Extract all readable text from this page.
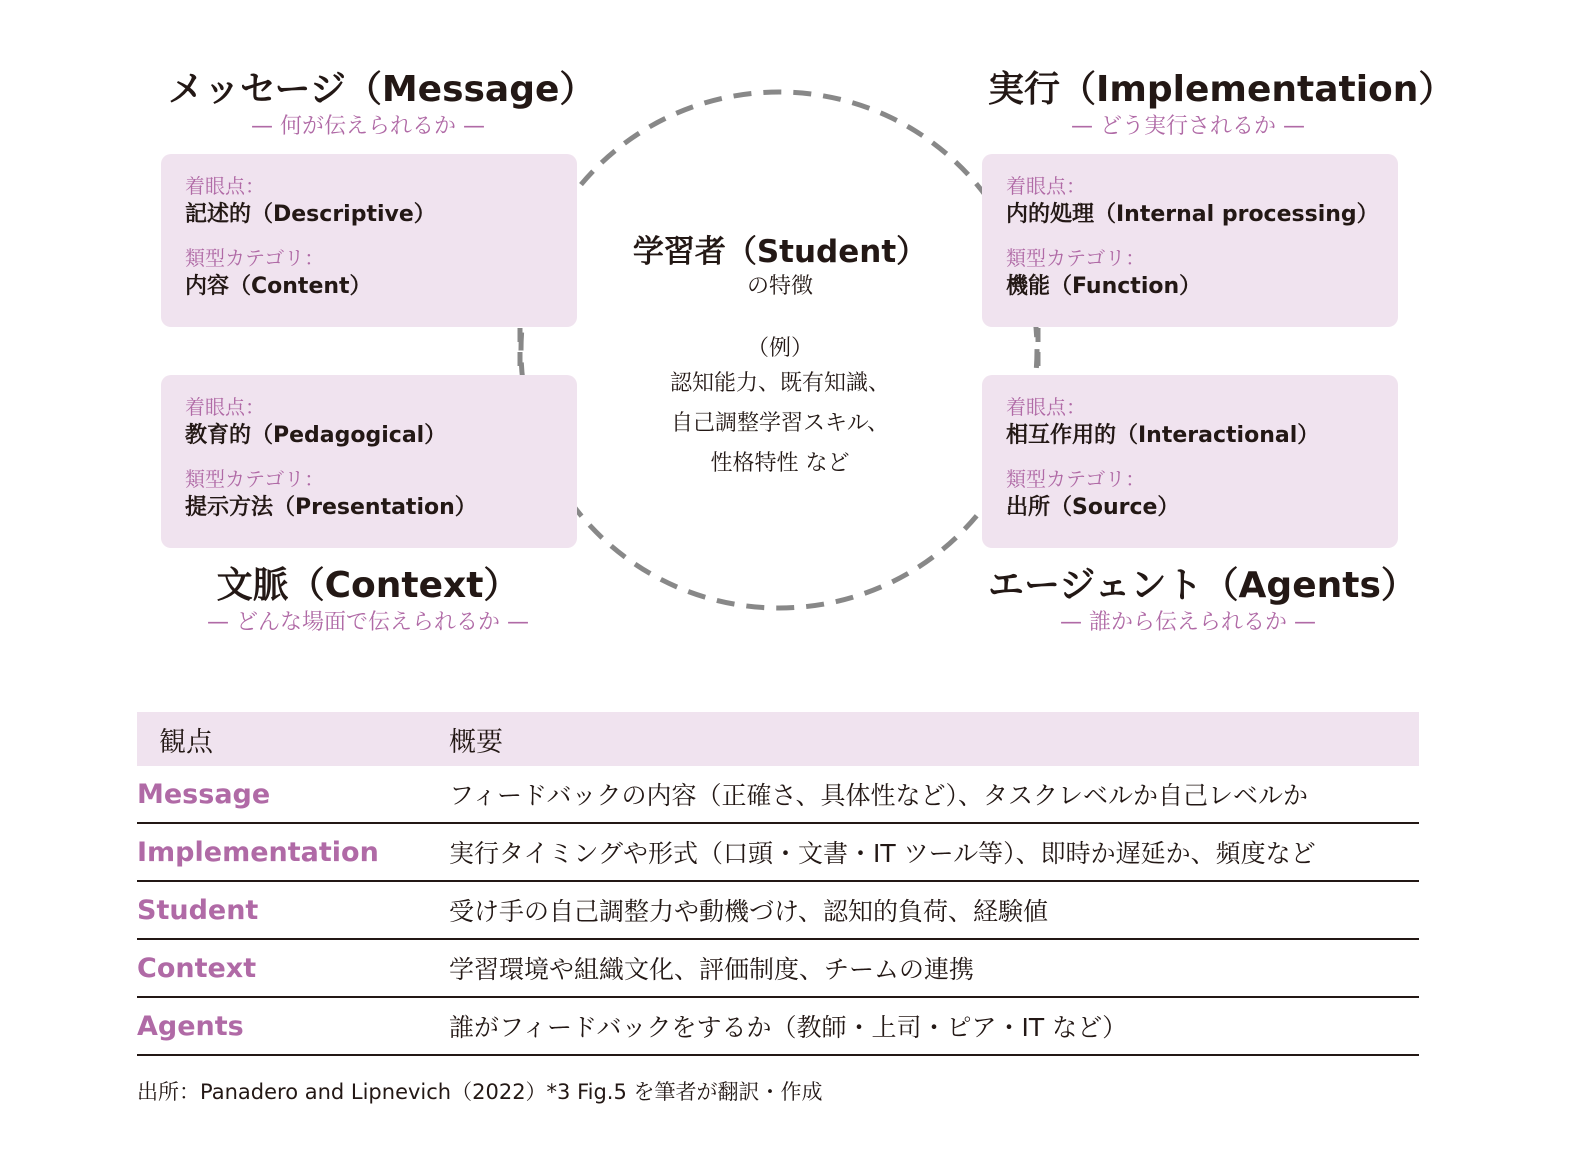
メッセージ（Message）
— 何が伝えられるか —
実行（Implementation）
— どう実行されるか —
文脈（Context）
— どんな場面で伝えられるか —
エージェント（Agents）
— 誰から伝えられるか —
着眼点：
記述的（Descriptive）
類型カテゴリ：
内容（Content）
着眼点：
内的処理（Internal processing）
類型カテゴリ：
機能（Function）
着眼点：
教育的（Pedagogical）
類型カテゴリ：
提示方法（Presentation）
着眼点：
相互作用的（Interactional）
類型カテゴリ：
出所（Source）
学習者（Student）
の特徴
（例）
認知能力、既有知識、
自己調整学習スキル、
性格特性 など
観点	概要
Message	フィードバックの内容（正確さ、具体性など）、タスクレベルか自己レベルか
Implementation	実行タイミングや形式（口頭・文書・IT ツール等）、即時か遅延か、頻度など
Student	受け手の自己調整力や動機づけ、認知的負荷、経験値
Context	学習環境や組織文化、評価制度、チームの連携
Agents	誰がフィードバックをするか（教師・上司・ピア・IT など）
出所：Panadero and Lipnevich（2022）*3 Fig.5 を筆者が翻訳・作成
